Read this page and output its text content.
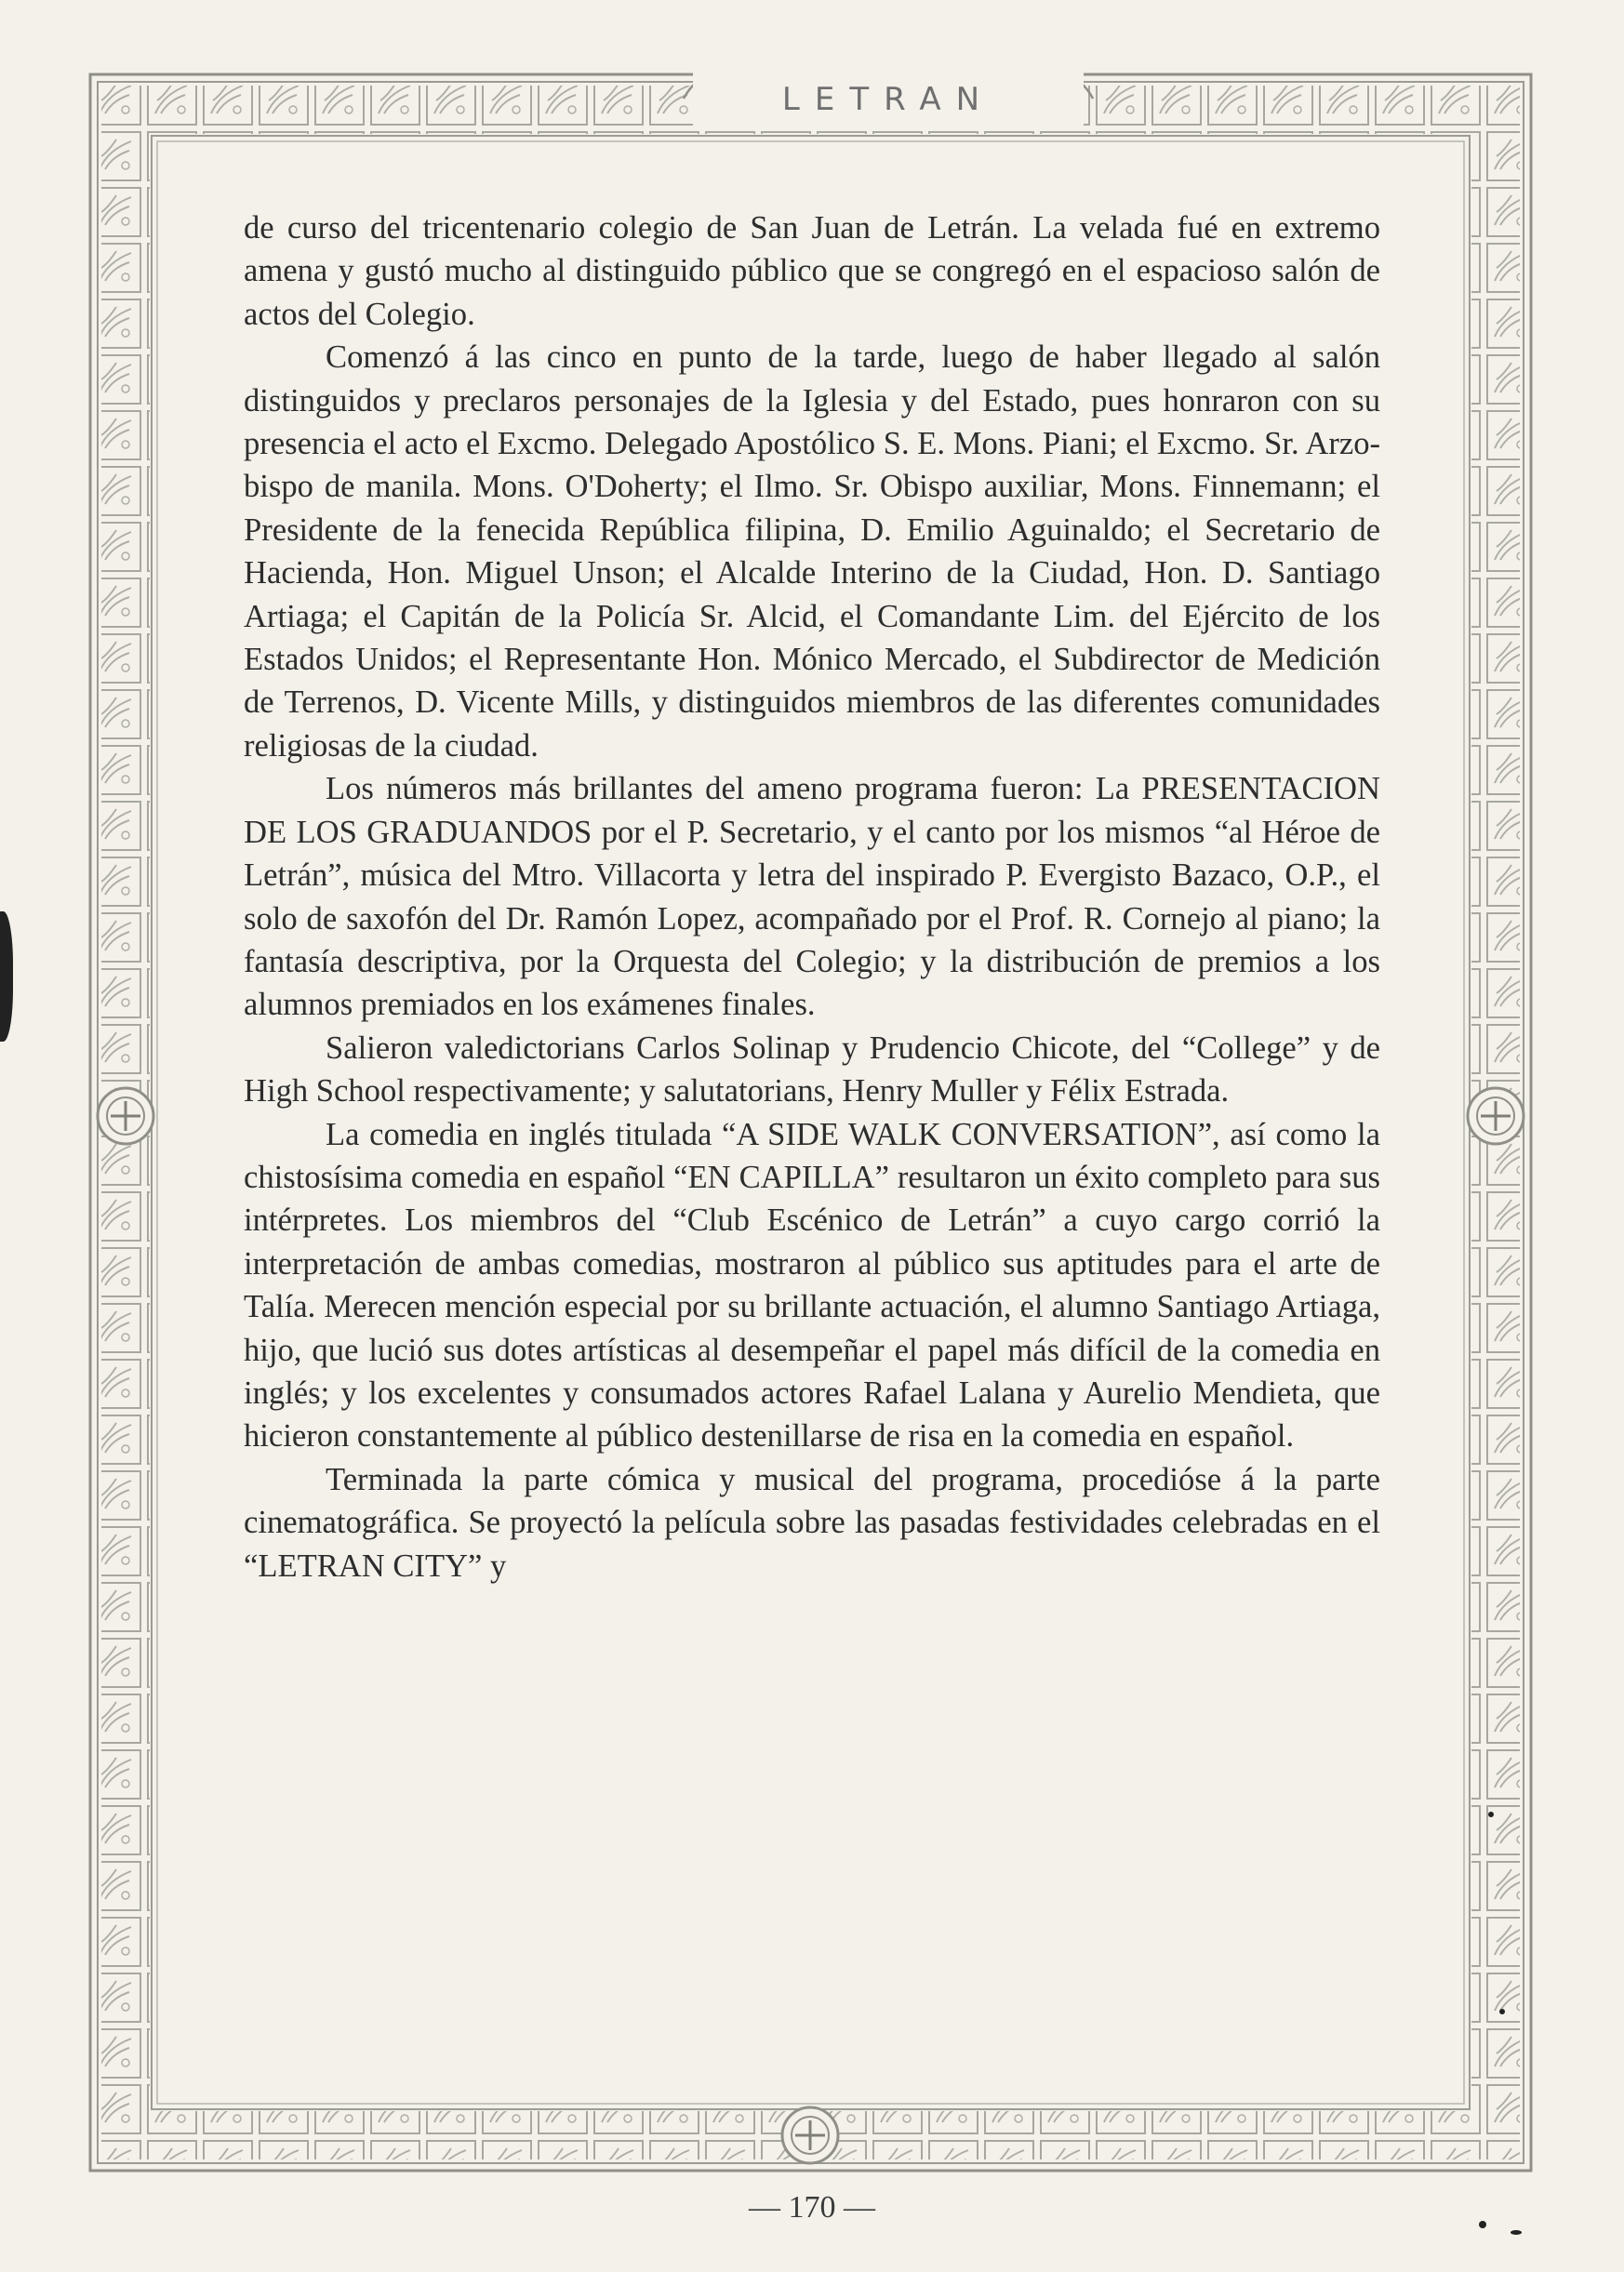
LETRAN

de curso del tricentenario colegio de San Juan de Letrán. La velada fué en extremo amena y gustó mucho al distinguido público que se congregó en el espacioso salón de actos del Colegio.

Comenzó á las cinco en punto de la tarde, luego de haber llegado al salón distinguidos y preclaros personajes de la Iglesia y del Estado, pues honraron con su presencia el acto el Excmo. Delegado Apostólico S. E. Mons. Piani; el Excmo. Sr. Arzobispo de manila. Mons. O'Doherty; el Ilmo. Sr. Obispo auxiliar, Mons. Finnemann; el Presidente de la fenecida República filipina, D. Emilio Aguinaldo; el Secretario de Hacienda, Hon. Miguel Unson; el Alcalde Interino de la Ciudad, Hon. D. Santiago Artiaga; el Capitán de la Policía Sr. Alcid, el Comandante Lim. del Ejército de los Estados Unidos; el Representante Hon. Mónico Mercado, el Subdirector de Medición de Terrenos, D. Vicente Mills, y distinguidos miembros de las diferentes comunidades religiosas de la ciudad.

Los números más brillantes del ameno programa fueron: La PRESENTACION DE LOS GRADUANDOS por el P. Secretario, y el canto por los mismos “al Héroe de Letrán”, música del Mtro. Villacorta y letra del inspirado P. Evergisto Bazaco, O.P., el solo de saxofón del Dr. Ramón Lopez, acompañado por el Prof. R. Cornejo al piano; la fantasía descriptiva, por la Orquesta del Colegio; y la distribución de premios a los alumnos premiados en los exámenes finales.

Salieron valedictorians Carlos Solinap y Prudencio Chicote, del “College” y de High School respectivamente; y salutatorians, Henry Muller y Félix Estrada.

La comedia en inglés titulada “A SIDE WALK CONVERSATION”, así como la chistosísima comedia en español “EN CAPILLA” resultaron un éxito completo para sus intérpretes. Los miembros del “Club Escénico de Letrán” a cuyo cargo corrió la interpretación de ambas comedias, mostraron al público sus aptitudes para el arte de Talía. Merecen mención especial por su brillante actuación, el alumno Santiago Artiaga, hijo, que lució sus dotes artísticas al desempeñar el papel más difícil de la comedia en inglés; y los excelentes y consumados actores Rafael Lalana y Aurelio Mendieta, que hicieron constantemente al público destenillarse de risa en la comedia en español.

Terminada la parte cómica y musical del programa, procedióse á la parte cinematográfica. Se proyectó la película sobre las pasadas festividades celebradas en el “LETRAN CITY” y

— 170 —
